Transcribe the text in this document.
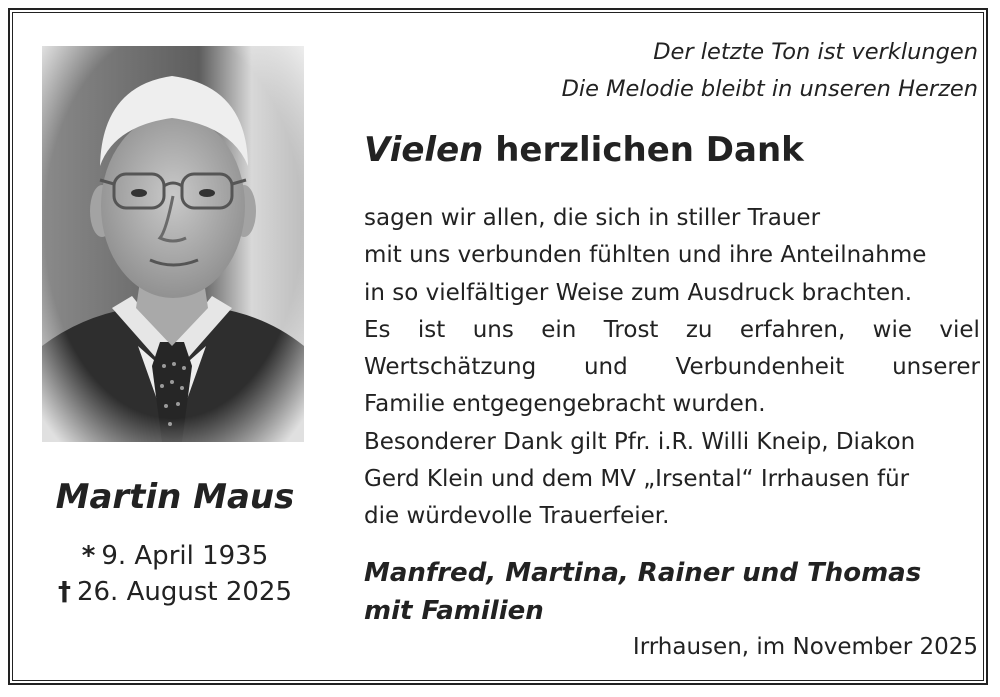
Martin Maus
* 9. April 1935
† 26. August 2025
Der letzte Ton ist verklungen
Die Melodie bleibt in unseren Herzen
Vielen herzlichen Dank
sagen wir allen, die sich in stiller Trauer
mit uns verbunden fühlten und ihre Anteilnahme
in so vielfältiger Weise zum Ausdruck brachten.
Es ist uns ein Trost zu erfahren, wie viel
Wertschätzung und Verbundenheit unserer
Familie entgegengebracht wurden.
Besonderer Dank gilt Pfr. i.R. Willi Kneip, Diakon
Gerd Klein und dem MV „Irsental“ Irrhausen für
die würdevolle Trauerfeier.
Manfred, Martina, Rainer und Thomas
mit Familien
Irrhausen, im November 2025
